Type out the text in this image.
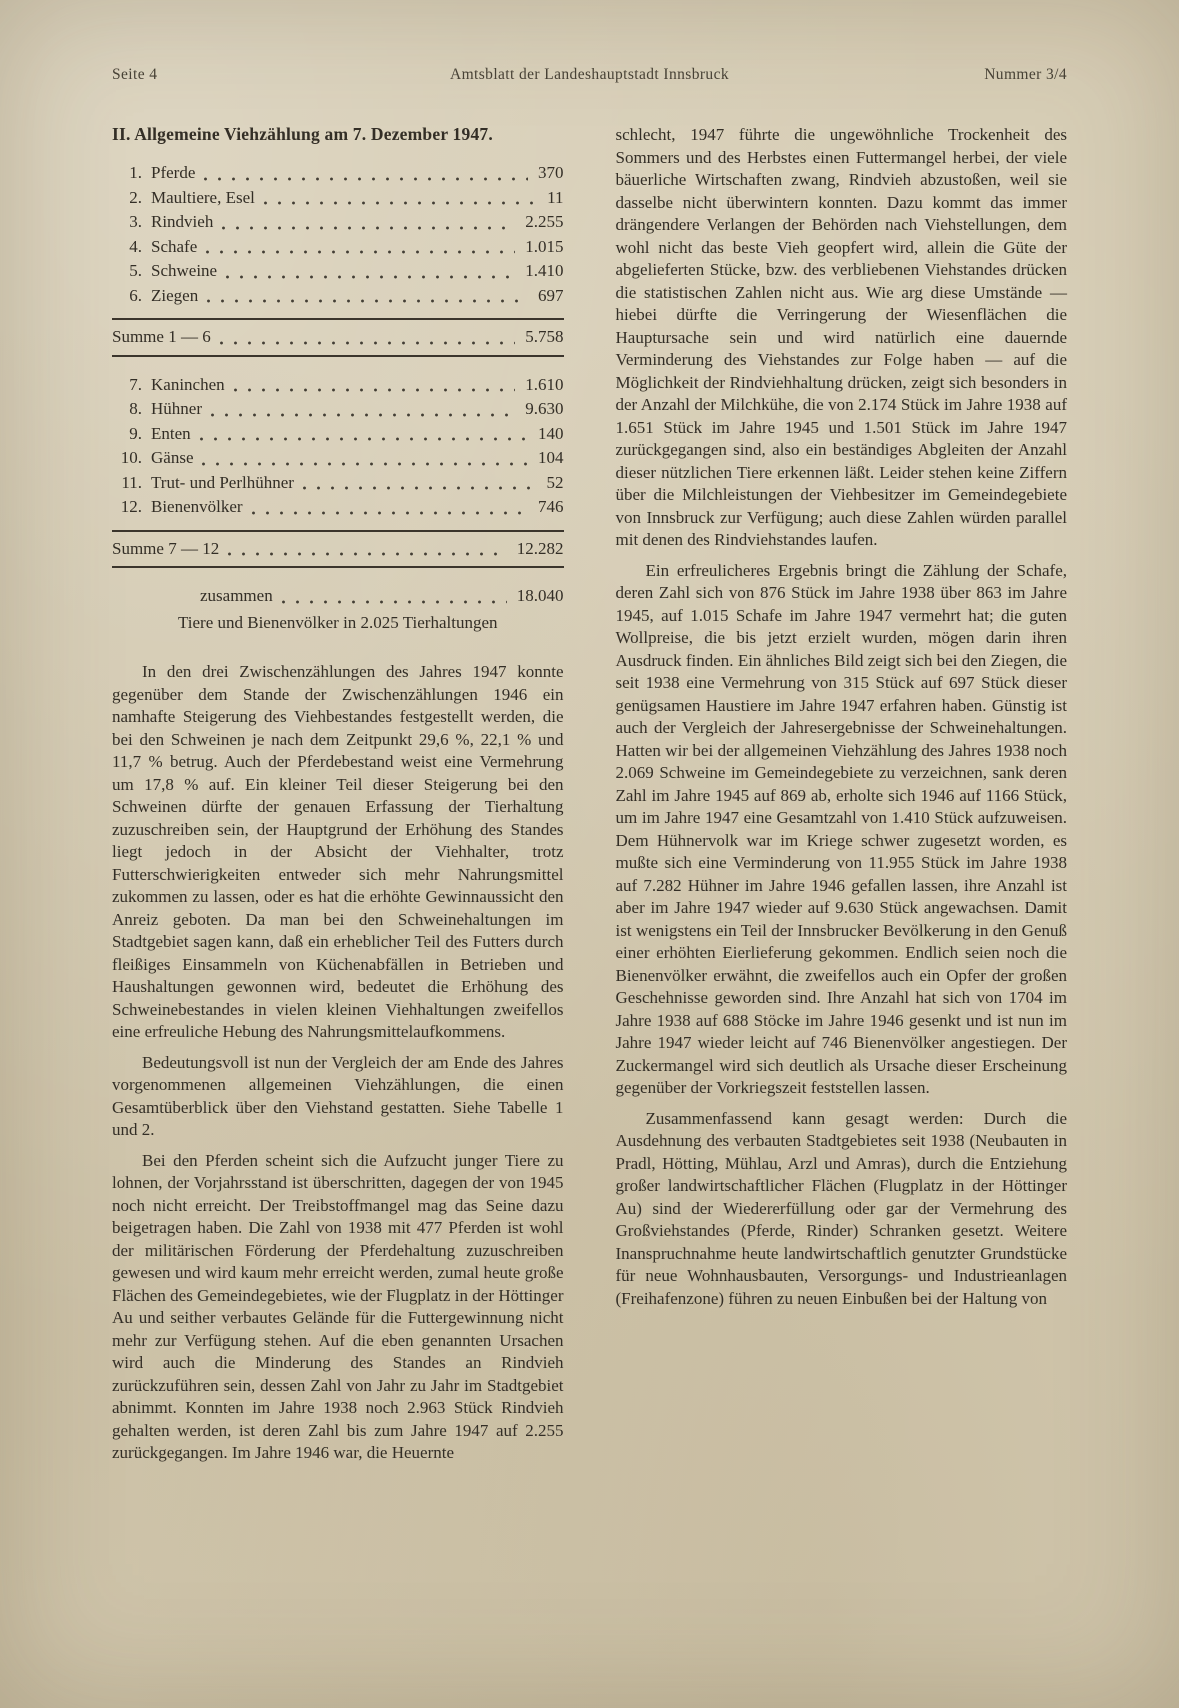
Seite 4	Amtsblatt der Landeshauptstadt Innsbruck	Nummer 3/4
II. Allgemeine Viehzählung am 7. Dezember 1947.
1. Pferde	370
2. Maultiere, Esel	11
3. Rindvieh	2.255
4. Schafe	1.015
5. Schweine	1.410
6. Ziegen	697
Summe 1 — 6	5.758
7. Kaninchen	1.610
8. Hühner	9.630
9. Enten	140
10. Gänse	104
11. Trut- und Perlhühner	52
12. Bienenvölker	746
Summe 7 — 12	12.282
zusammen	18.040
Tiere und Bienenvölker in 2.025 Tierhaltungen

In den drei Zwischenzählungen des Jahres 1947 konnte gegenüber dem Stande der Zwischenzählungen 1946 ein namhafte Steigerung des Viehbestandes festgestellt werden, die bei den Schweinen je nach dem Zeitpunkt 29,6 %, 22,1 % und 11,7 % betrug. Auch der Pferdebestand weist eine Vermehrung um 17,8 % auf. Ein kleiner Teil dieser Steigerung bei den Schweinen dürfte der genauen Erfassung der Tierhaltung zuzuschreiben sein, der Hauptgrund der Erhöhung des Standes liegt jedoch in der Absicht der Viehhalter, trotz Futterschwierigkeiten entweder sich mehr Nahrungsmittel zukommen zu lassen, oder es hat die erhöhte Gewinnaussicht den Anreiz geboten. Da man bei den Schweinehaltungen im Stadtgebiet sagen kann, daß ein erheblicher Teil des Futters durch fleißiges Einsammeln von Küchenabfällen in Betrieben und Haushaltungen gewonnen wird, bedeutet die Erhöhung des Schweinebestandes in vielen kleinen Viehhaltungen zweifellos eine erfreuliche Hebung des Nahrungsmittelaufkommens.

Bedeutungsvoll ist nun der Vergleich der am Ende des Jahres vorgenommenen allgemeinen Viehzählungen, die einen Gesamtüberblick über den Viehstand gestatten. Siehe Tabelle 1 und 2.

Bei den Pferden scheint sich die Aufzucht junger Tiere zu lohnen, der Vorjahrsstand ist überschritten, dagegen der von 1945 noch nicht erreicht. Der Treibstoffmangel mag das Seine dazu beigetragen haben. Die Zahl von 1938 mit 477 Pferden ist wohl der militärischen Förderung der Pferdehaltung zuzuschreiben gewesen und wird kaum mehr erreicht werden, zumal heute große Flächen des Gemeindegebietes, wie der Flugplatz in der Höttinger Au und seither verbautes Gelände für die Futtergewinnung nicht mehr zur Verfügung stehen. Auf die eben genannten Ursachen wird auch die Minderung des Standes an Rindvieh zurückzuführen sein, dessen Zahl von Jahr zu Jahr im Stadtgebiet abnimmt. Konnten im Jahre 1938 noch 2.963 Stück Rindvieh gehalten werden, ist deren Zahl bis zum Jahre 1947 auf 2.255 zurückgegangen. Im Jahre 1946 war, die Heuernte

schlecht, 1947 führte die ungewöhnliche Trockenheit des Sommers und des Herbstes einen Futtermangel herbei, der viele bäuerliche Wirtschaften zwang, Rindvieh abzustoßen, weil sie dasselbe nicht überwintern konnten. Dazu kommt das immer drängendere Verlangen der Behörden nach Viehstellungen, dem wohl nicht das beste Vieh geopfert wird, allein die Güte der abgelieferten Stücke, bzw. des verbliebenen Viehstandes drücken die statistischen Zahlen nicht aus. Wie arg diese Umstände — hiebei dürfte die Verringerung der Wiesenflächen die Hauptursache sein und wird natürlich eine dauernde Verminderung des Viehstandes zur Folge haben — auf die Möglichkeit der Rindviehhaltung drücken, zeigt sich besonders in der Anzahl der Milchkühe, die von 2.174 Stück im Jahre 1938 auf 1.651 Stück im Jahre 1945 und 1.501 Stück im Jahre 1947 zurückgegangen sind, also ein beständiges Abgleiten der Anzahl dieser nützlichen Tiere erkennen läßt. Leider stehen keine Ziffern über die Milchleistungen der Viehbesitzer im Gemeindegebiete von Innsbruck zur Verfügung; auch diese Zahlen würden parallel mit denen des Rindviehstandes laufen.

Ein erfreulicheres Ergebnis bringt die Zählung der Schafe, deren Zahl sich von 876 Stück im Jahre 1938 über 863 im Jahre 1945, auf 1.015 Schafe im Jahre 1947 vermehrt hat; die guten Wollpreise, die bis jetzt erzielt wurden, mögen darin ihren Ausdruck finden. Ein ähnliches Bild zeigt sich bei den Ziegen, die seit 1938 eine Vermehrung von 315 Stück auf 697 Stück dieser genügsamen Haustiere im Jahre 1947 erfahren haben. Günstig ist auch der Vergleich der Jahresergebnisse der Schweinehaltungen. Hatten wir bei der allgemeinen Viehzählung des Jahres 1938 noch 2.069 Schweine im Gemeindegebiete zu verzeichnen, sank deren Zahl im Jahre 1945 auf 869 ab, erholte sich 1946 auf 1166 Stück, um im Jahre 1947 eine Gesamtzahl von 1.410 Stück aufzuweisen. Dem Hühnervolk war im Kriege schwer zugesetzt worden, es mußte sich eine Verminderung von 11.955 Stück im Jahre 1938 auf 7.282 Hühner im Jahre 1946 gefallen lassen, ihre Anzahl ist aber im Jahre 1947 wieder auf 9.630 Stück angewachsen. Damit ist wenigstens ein Teil der Innsbrucker Bevölkerung in den Genuß einer erhöhten Eierlieferung gekommen. Endlich seien noch die Bienenvölker erwähnt, die zweifellos auch ein Opfer der großen Geschehnisse geworden sind. Ihre Anzahl hat sich von 1704 im Jahre 1938 auf 688 Stöcke im Jahre 1946 gesenkt und ist nun im Jahre 1947 wieder leicht auf 746 Bienenvölker angestiegen. Der Zuckermangel wird sich deutlich als Ursache dieser Erscheinung gegenüber der Vorkriegszeit feststellen lassen.

Zusammenfassend kann gesagt werden: Durch die Ausdehnung des verbauten Stadtgebietes seit 1938 (Neubauten in Pradl, Hötting, Mühlau, Arzl und Amras), durch die Entziehung großer landwirtschaftlicher Flächen (Flugplatz in der Höttinger Au) sind der Wiedererfüllung oder gar der Vermehrung des Großviehstandes (Pferde, Rinder) Schranken gesetzt. Weitere Inanspruchnahme heute landwirtschaftlich genutzter Grundstücke für neue Wohnhausbauten, Versorgungs- und Industrieanlagen (Freihafenzone) führen zu neuen Einbußen bei der Haltung von
